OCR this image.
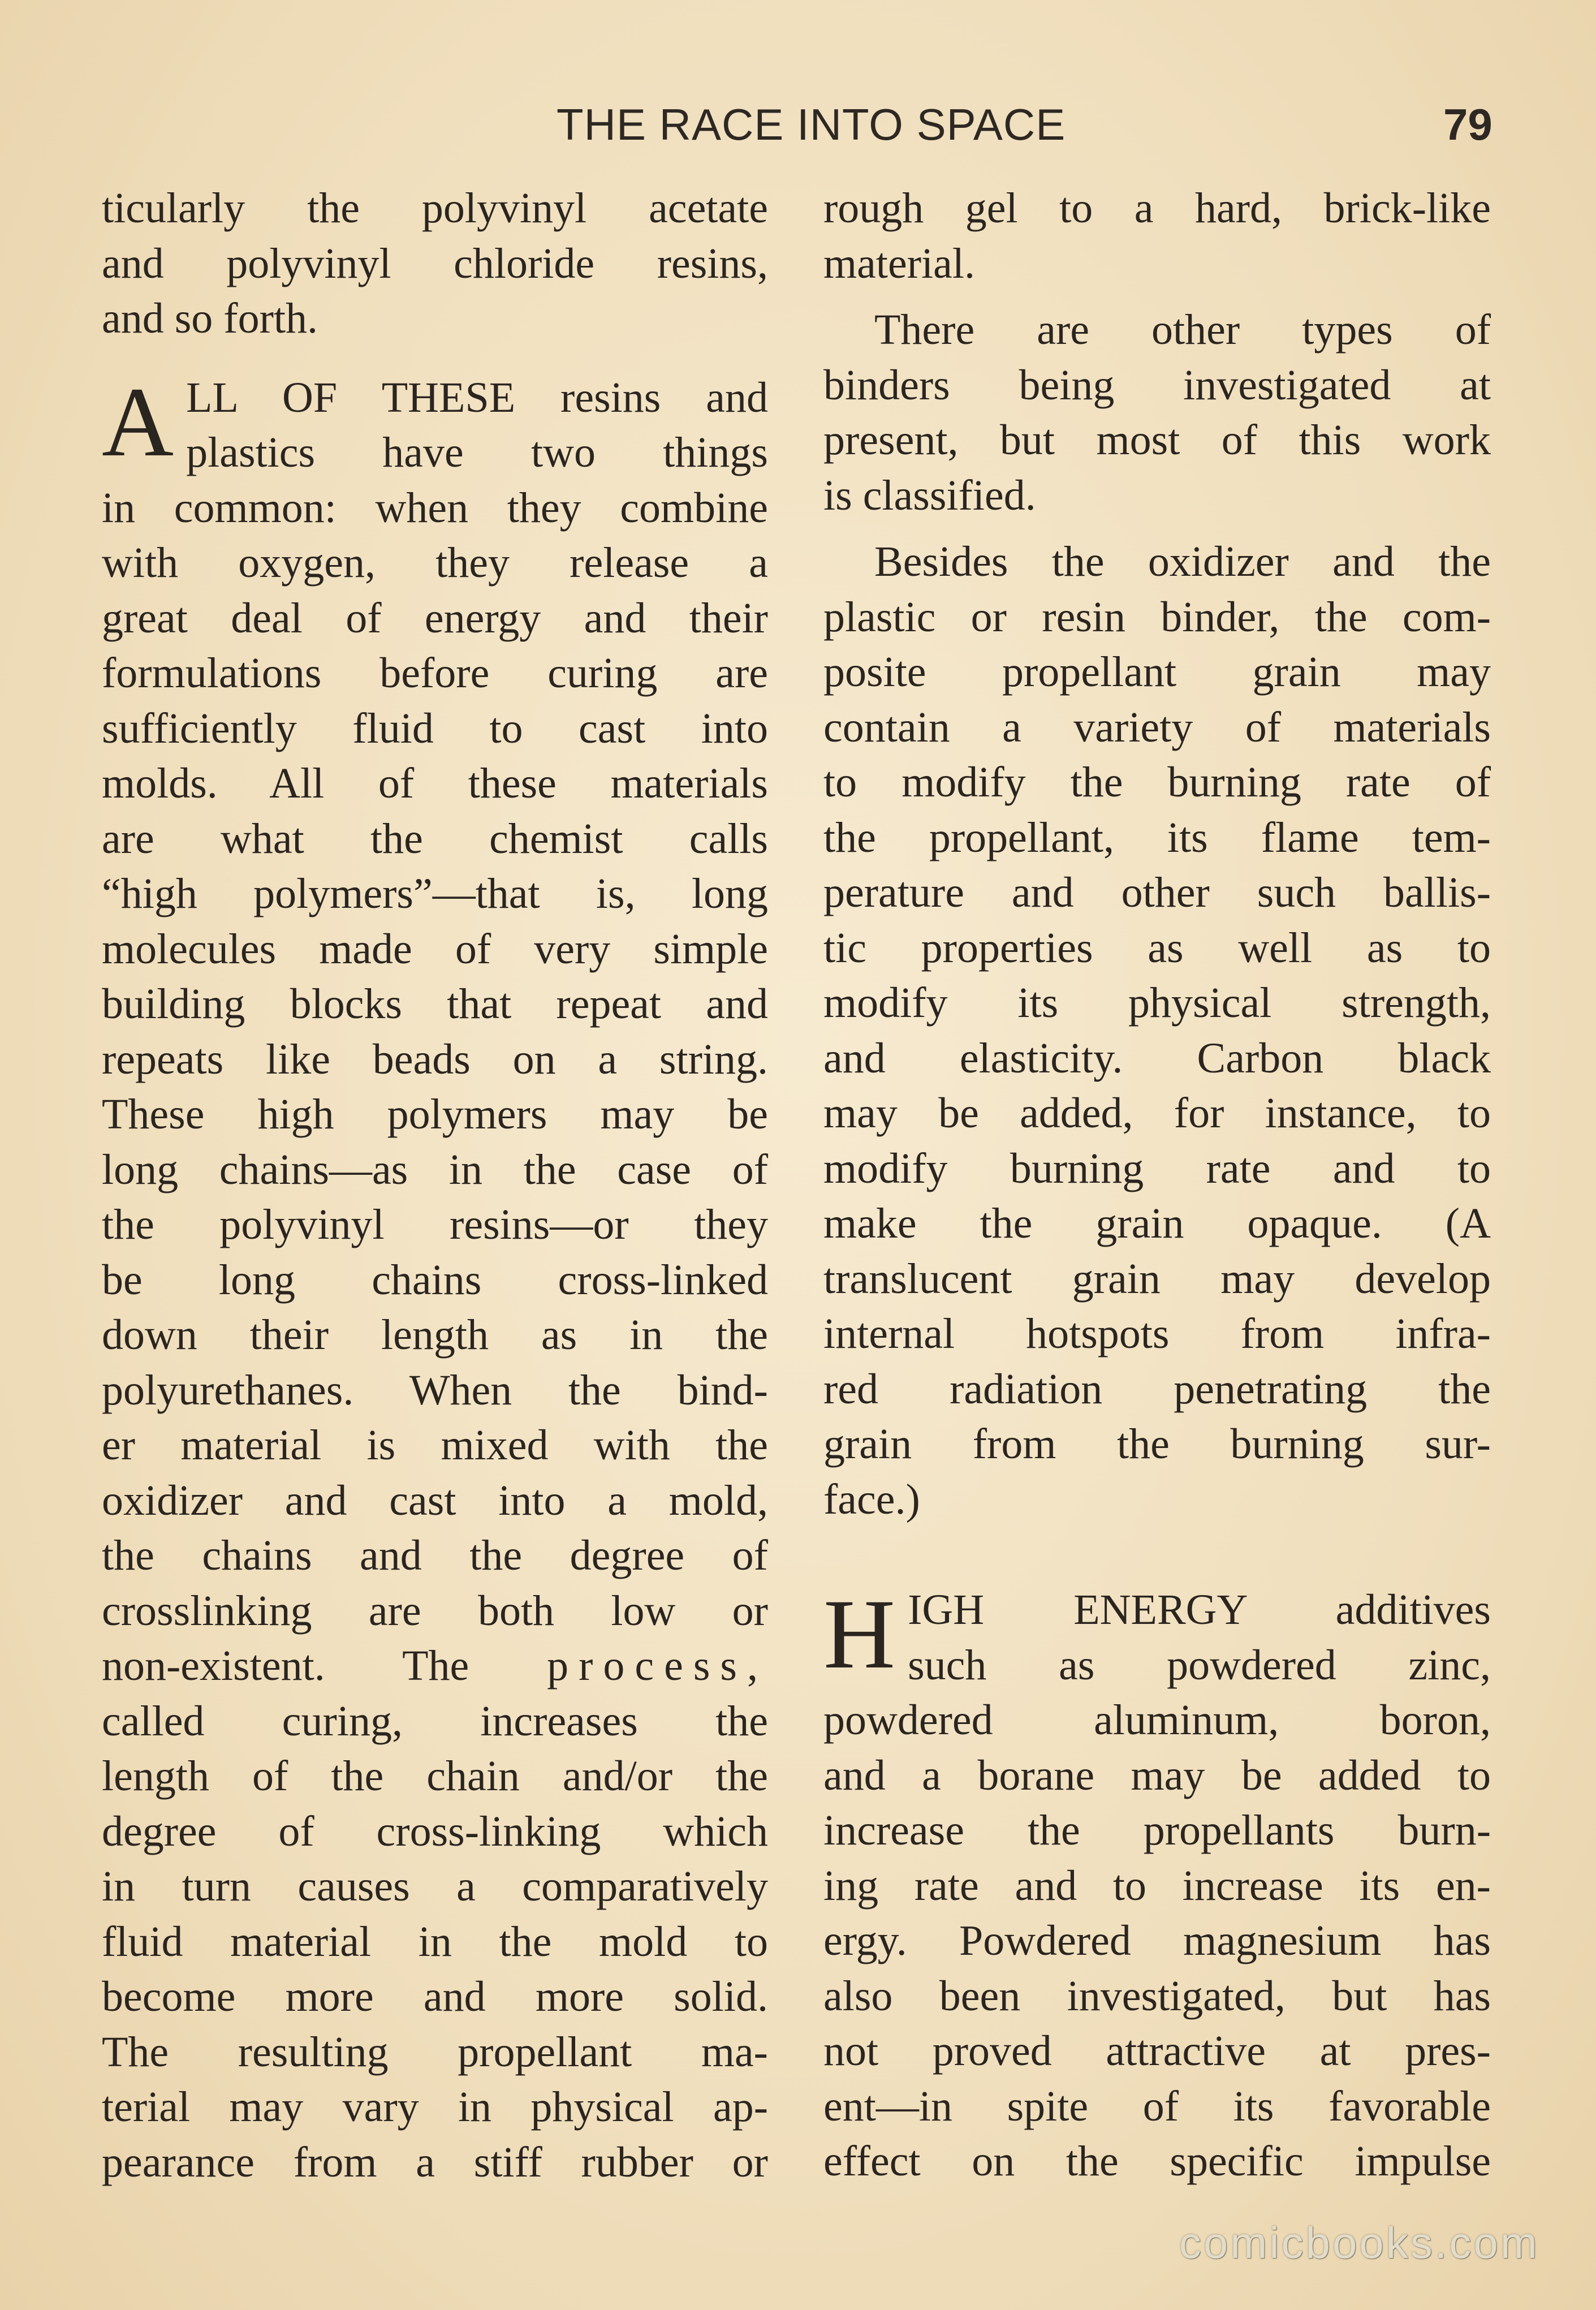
THE RACE INTO SPACE	79
ticularly the polyvinyl acetate
and polyvinyl chloride resins,
and so forth.
A LL OF THESE resins and
plastics have two things
in common: when they combine
with oxygen, they release a
great deal of energy and their
formulations before curing are
sufficiently fluid to cast into
molds. All of these materials
are what the chemist calls
“high polymers”—that is, long
molecules made of very simple
building blocks that repeat and
repeats like beads on a string.
These high polymers may be
long chains—as in the case of
the polyvinyl resins—or they
be long chains cross-linked
down their length as in the
polyurethanes. When the bind-
er material is mixed with the
oxidizer and cast into a mold,
the chains and the degree of
crosslinking are both low or
non-existent. The process,
called curing, increases the
length of the chain and/or the
degree of cross-linking which
in turn causes a comparatively
fluid material in the mold to
become more and more solid.
The resulting propellant ma-
terial may vary in physical ap-
pearance from a stiff rubber or
rough gel to a hard, brick-like
material.
There are other types of
binders being investigated at
present, but most of this work
is classified.
Besides the oxidizer and the
plastic or resin binder, the com-
posite propellant grain may
contain a variety of materials
to modify the burning rate of
the propellant, its flame tem-
perature and other such ballis-
tic properties as well as to
modify its physical strength,
and elasticity. Carbon black
may be added, for instance, to
modify burning rate and to
make the grain opaque. (A
translucent grain may develop
internal hotspots from infra-
red radiation penetrating the
grain from the burning sur-
face.)
H IGH ENERGY additives
such as powdered zinc,
powdered aluminum, boron,
and a borane may be added to
increase the propellants burn-
ing rate and to increase its en-
ergy. Powdered magnesium has
also been investigated, but has
not proved attractive at pres-
ent—in spite of its favorable
effect on the specific impulse
comicbooks.com
